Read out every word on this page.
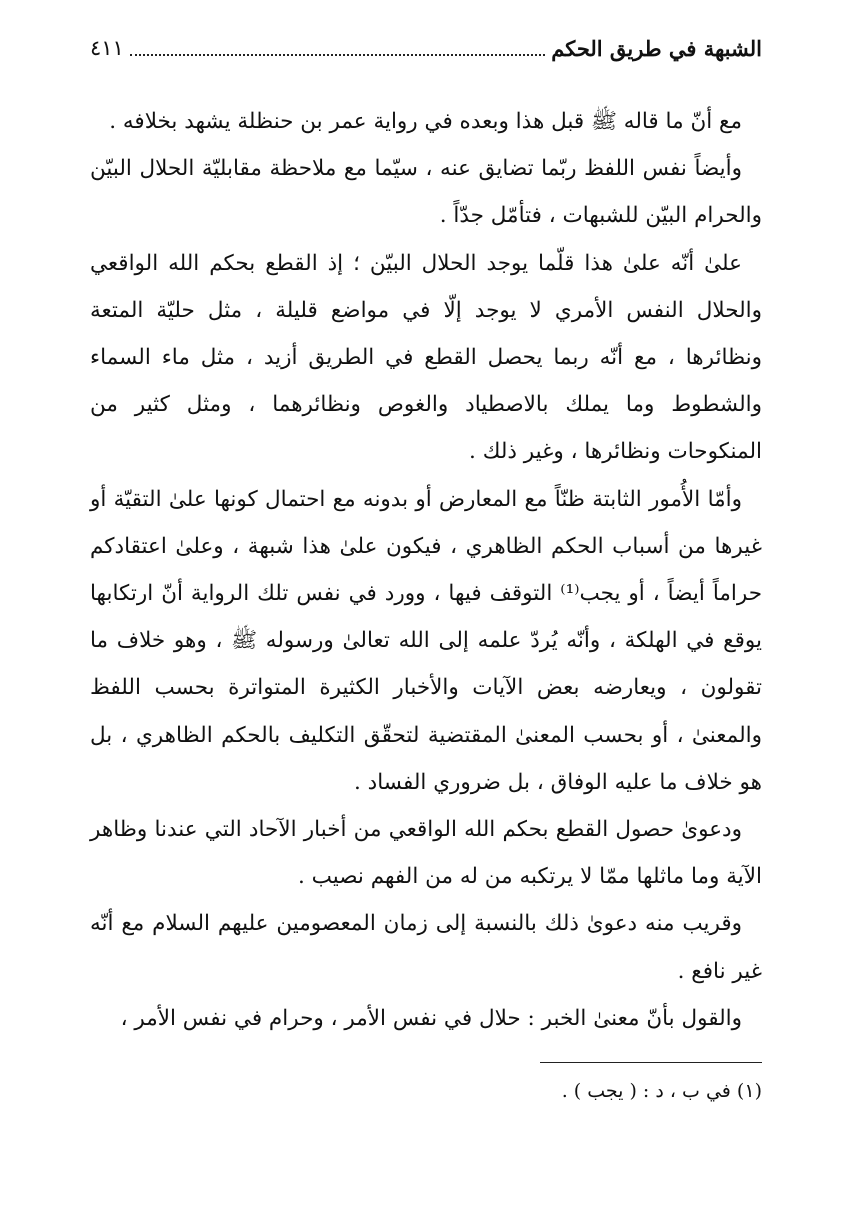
الشبهة في طريق الحكم
٤١١

مع أنّ ما قاله ﷺ قبل هذا وبعده في رواية عمر بن حنظلة يشهد بخلافه .

وأيضاً نفس اللفظ ربّما تضايق عنه ، سيّما مع ملاحظة مقابليّة الحلال البيّن والحرام البيّن للشبهات ، فتأمّل جدّاً .

علىٰ أنّه علىٰ هذا قلّما يوجد الحلال البيّن ؛ إذ القطع بحكم الله الواقعي والحلال النفس الأمري لا يوجد إلّا في مواضع قليلة ، مثل حليّة المتعة ونظائرها ، مع أنّه ربما يحصل القطع في الطريق أزيد ، مثل ماء السماء والشطوط وما يملك بالاصطياد والغوص ونظائرهما ، ومثل كثير من المنكوحات ونظائرها ، وغير ذلك .

وأمّا الأُمور الثابتة ظنّاً مع المعارض أو بدونه مع احتمال كونها علىٰ التقيّة أو غيرها من أسباب الحكم الظاهري ، فيكون علىٰ هذا شبهة ، وعلىٰ اعتقادكم حراماً أيضاً ، أو يجب⁽¹⁾ التوقف فيها ، وورد في نفس تلك الرواية أنّ ارتكابها يوقع في الهلكة ، وأنّه يُردّ علمه إلى الله تعالىٰ ورسوله ﷺ ، وهو خلاف ما تقولون ، ويعارضه بعض الآيات والأخبار الكثيرة المتواترة بحسب اللفظ والمعنىٰ ، أو بحسب المعنىٰ المقتضية لتحقّق التكليف بالحكم الظاهري ، بل هو خلاف ما عليه الوفاق ، بل ضروري الفساد .

ودعوىٰ حصول القطع بحكم الله الواقعي من أخبار الآحاد التي عندنا وظاهر الآية وما ماثلها ممّا لا يرتكبه من له من الفهم نصيب .

وقريب منه دعوىٰ ذلك بالنسبة إلى زمان المعصومين عليهم السلام مع أنّه غير نافع .

والقول بأنّ معنىٰ الخبر : حلال في نفس الأمر ، وحرام في نفس الأمر ،

(١) في ب ، د : ( يجب ) .
